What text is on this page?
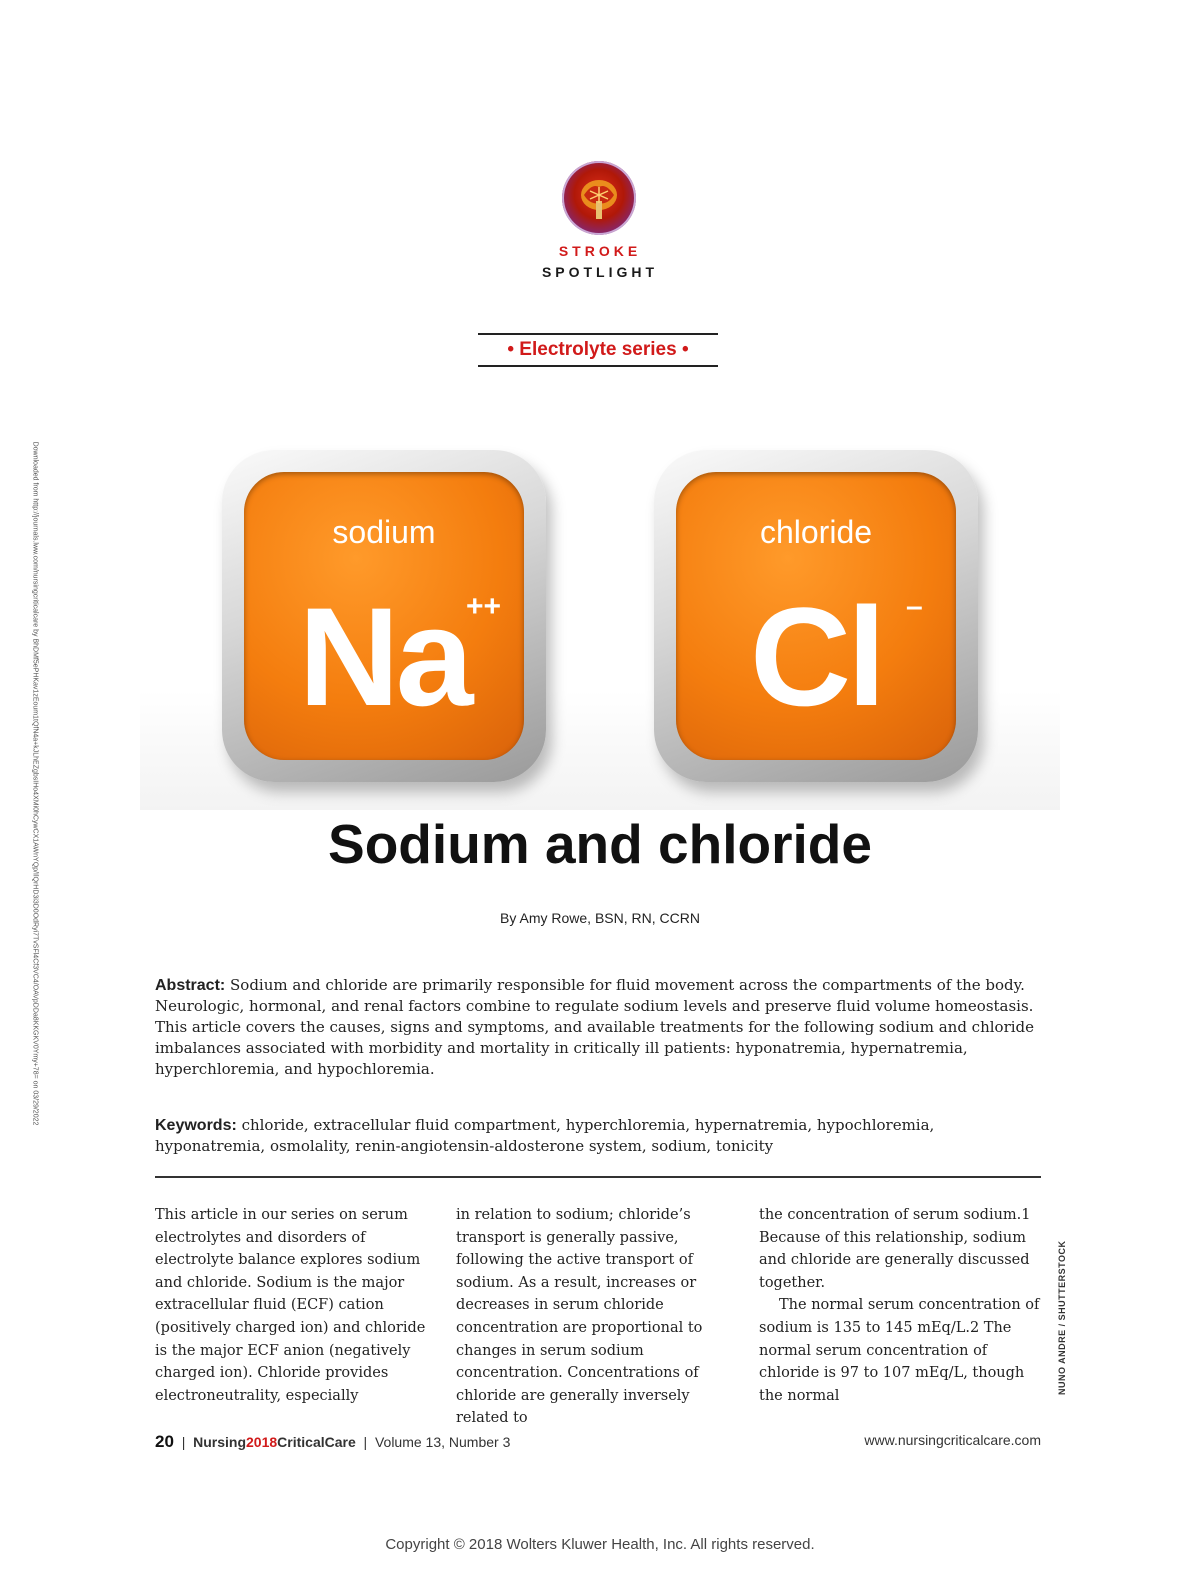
Downloaded from http://journals.lww.com/nursingcriticalcare by BhDMf5ePHKav1zEoum1tQfN4a+kJLhEZgbsIHo4XMi0hCywCX1AWnYQp/IlQrHD3i3D0OdRyi7TvSFl4Cf3VC4/OAVpDDa8KKGKV0Ymy+78= on 03/29/2022
STROKE
SPOTLIGHT
• Electrolyte series •
sodium
Na
++
chloride
Cl –
Sodium and chloride
By Amy Rowe, BSN, RN, CCRN
Abstract: Sodium and chloride are primarily responsible for fluid movement across the compartments of the body. Neurologic, hormonal, and renal factors combine to regulate sodium levels and preserve fluid volume homeostasis. This article covers the causes, signs and symptoms, and available treatments for the following sodium and chloride imbalances associated with morbidity and mortality in critically ill patients: hyponatremia, hypernatremia, hyperchloremia, and hypochloremia.
Keywords: chloride, extracellular fluid compartment, hyperchloremia, hypernatremia, hypochloremia, hyponatremia, osmolality, renin-angiotensin-aldosterone system, sodium, tonicity

This article in our series on serum electrolytes and disorders of electrolyte balance explores sodium and chloride. Sodium is the major extracellular fluid (ECF) cation (positively charged ion) and chloride is the major ECF anion (negatively charged ion). Chloride provides electroneutrality, especially

in relation to sodium; chloride’s transport is generally passive, following the active transport of sodium. As a result, increases or decreases in serum chloride concentration are proportional to changes in serum sodium concentration. Concentrations of chloride are generally inversely related to

the concentration of serum sodium.1 Because of this relationship, sodium and chloride are generally discussed together.

The normal serum concentration of sodium is 135 to 145 mEq/L.2 The normal serum concentration of chloride is 97 to 107 mEq/L, though the normal

NUNO ANDRE / SHUTTERSTOCK
20 | Nursing2018CriticalCare | Volume 13, Number 3	www.nursingcriticalcare.com
Copyright © 2018 Wolters Kluwer Health, Inc. All rights reserved.
